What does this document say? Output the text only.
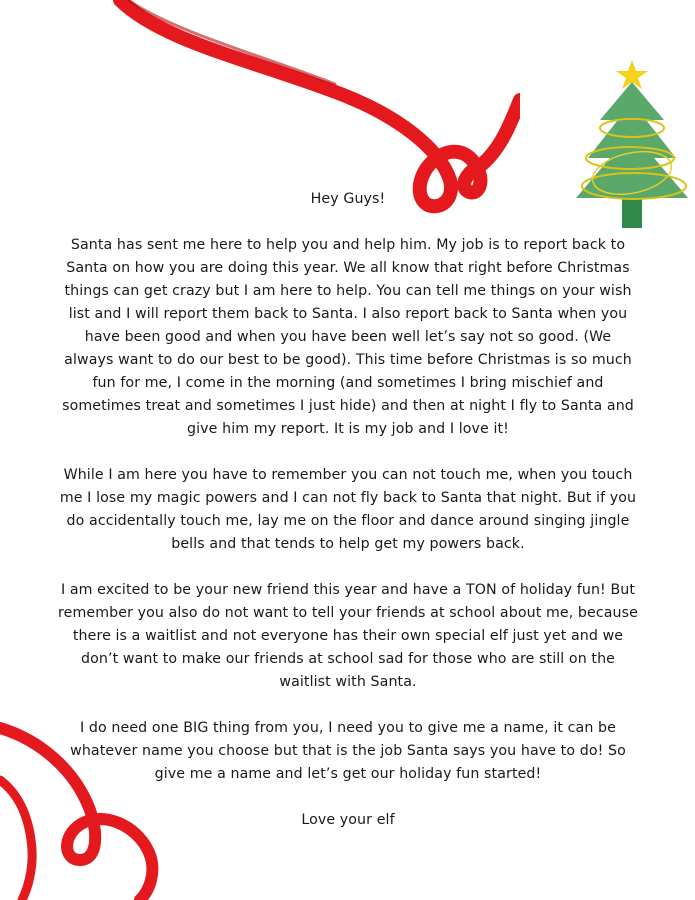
Hey Guys!

Santa has sent me here to help you and help him. My job is to report back to Santa on how you are doing this year. We all know that right before Christmas things can get crazy but I am here to help. You can tell me things on your wish list and I will report them back to Santa. I also report back to Santa when you have been good and when you have been well let’s say not so good. (We always want to do our best to be good). This time before Christmas is so much fun for me, I come in the morning (and sometimes I bring mischief and sometimes treat and sometimes I just hide) and then at night I fly to Santa and give him my report. It is my job and I love it!

While I am here you have to remember you can not touch me, when you touch me I lose my magic powers and I can not fly back to Santa that night. But if you do accidentally touch me, lay me on the floor and dance around singing jingle bells and that tends to help get my powers back.

I am excited to be your new friend this year and have a TON of holiday fun! But remember you also do not want to tell your friends at school about me, because there is a waitlist and not everyone has their own special elf just yet and we don’t want to make our friends at school sad for those who are still on the waitlist with Santa.

I do need one BIG thing from you, I need you to give me a name, it can be whatever name you choose but that is the job Santa says you have to do! So give me a name and let’s get our holiday fun started!

Love your elf
